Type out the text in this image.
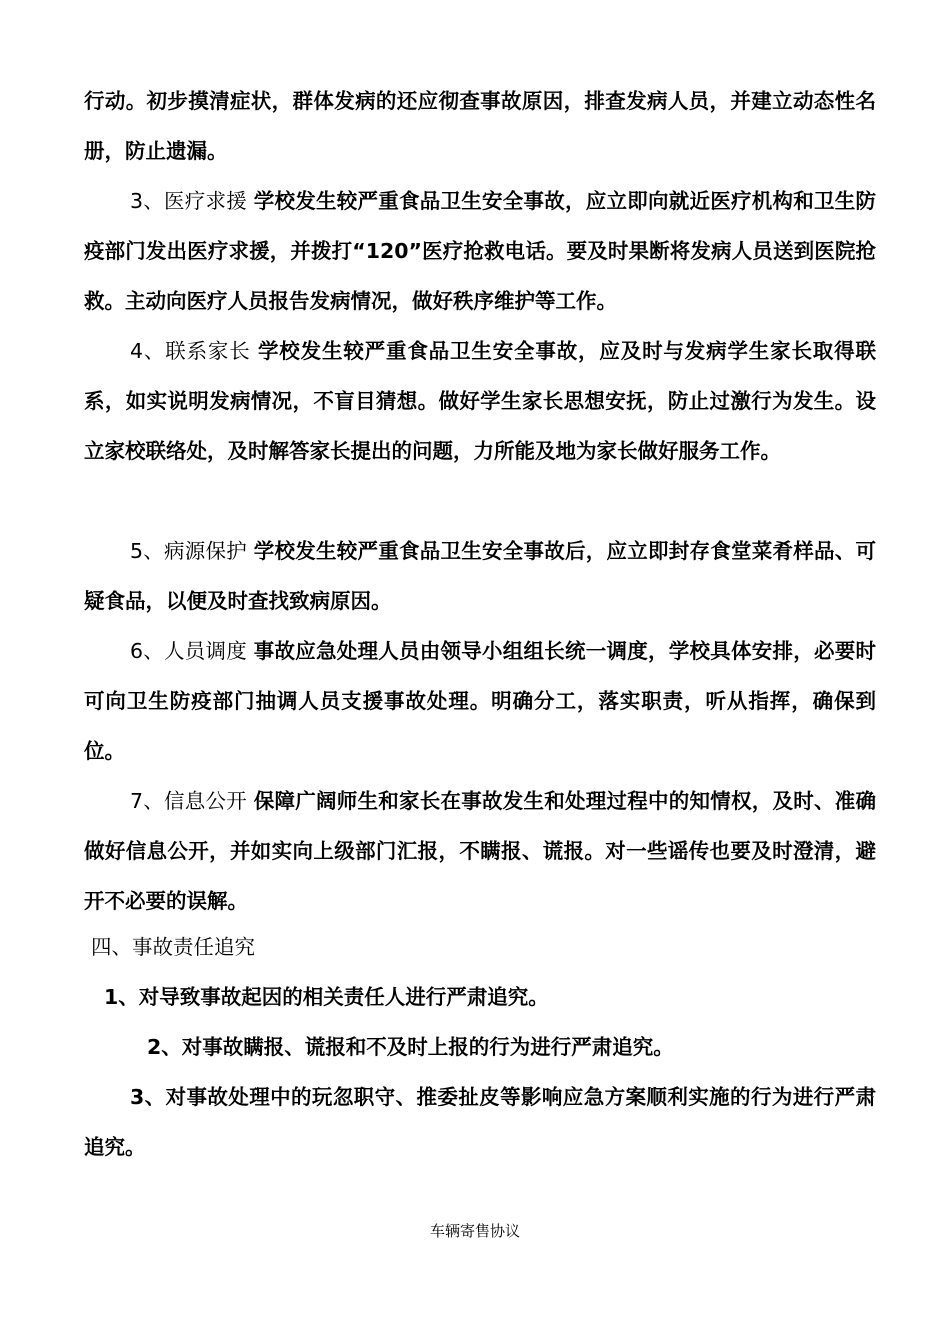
行动。初步摸清症状，群体发病的还应彻查事故原因，排查发病人员，并建立动态性名册，防止遗漏。

3、医疗求援 学校发生较严重食品卫生安全事故，应立即向就近医疗机构和卫生防疫部门发出医疗求援，并拨打“120”医疗抢救电话。要及时果断将发病人员送到医院抢救。主动向医疗人员报告发病情况，做好秩序维护等工作。

4、联系家长 学校发生较严重食品卫生安全事故，应及时与发病学生家长取得联系，如实说明发病情况，不盲目猜想。做好学生家长思想安抚，防止过激行为发生。设立家校联络处，及时解答家长提出的问题，力所能及地为家长做好服务工作。

5、病源保护 学校发生较严重食品卫生安全事故后，应立即封存食堂菜肴样品、可疑食品，以便及时查找致病原因。

6、人员调度 事故应急处理人员由领导小组组长统一调度，学校具体安排，必要时可向卫生防疫部门抽调人员支援事故处理。明确分工，落实职责，听从指挥，确保到位。

7、信息公开 保障广阔师生和家长在事故发生和处理过程中的知情权，及时、准确做好信息公开，并如实向上级部门汇报，不瞒报、谎报。对一些谣传也要及时澄清，避开不必要的误解。

四、事故责任追究
1、对导致事故起因的相关责任人进行严肃追究。
2、对事故瞒报、谎报和不及时上报的行为进行严肃追究。

3、对事故处理中的玩忽职守、推委扯皮等影响应急方案顺利实施的行为进行严肃追究。

车辆寄售协议
